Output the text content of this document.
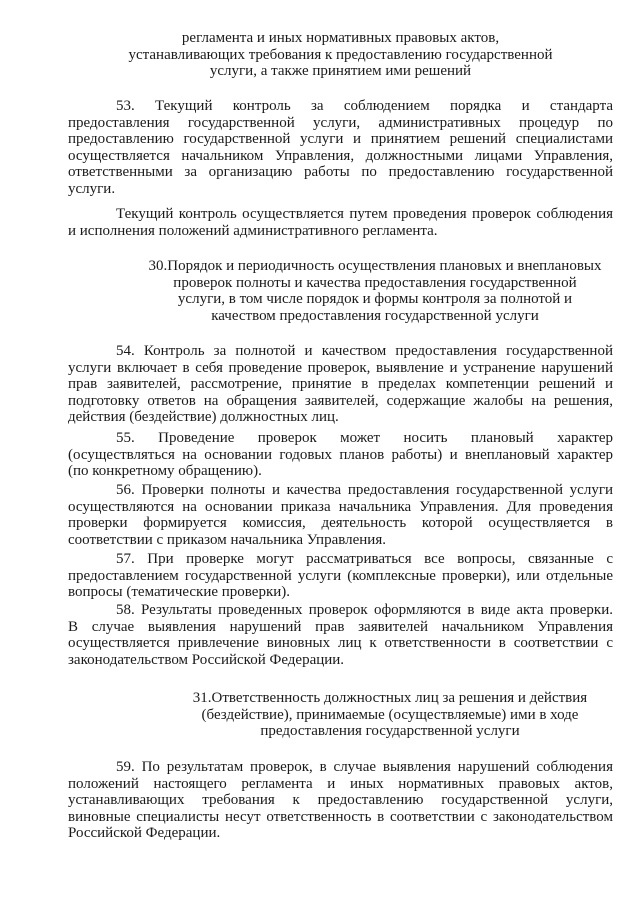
регламента и иных нормативных правовых актов,
устанавливающих требования к предоставлению государственной
услуги, а также принятием ими решений
53. Текущий контроль за соблюдением порядка и стандарта
предоставления государственной услуги, административных процедур по
предоставлению государственной услуги и принятием решений специалистами
осуществляется начальником Управления, должностными лицами Управления,
ответственными за организацию работы по предоставлению государственной
услуги.
Текущий контроль осуществляется путем проведения проверок соблюдения
и исполнения положений административного регламента.
30.Порядок и периодичность осуществления плановых и внеплановых
проверок полноты и качества предоставления государственной
услуги, в том числе порядок и формы контроля за полнотой и
качеством предоставления государственной услуги
54. Контроль за полнотой и качеством предоставления государственной
услуги включает в себя проведение проверок, выявление и устранение нарушений
прав заявителей, рассмотрение, принятие в пределах компетенции решений и
подготовку ответов на обращения заявителей, содержащие жалобы на решения,
действия (бездействие) должностных лиц.
55. Проведение проверок может носить плановый характер
(осуществляться на основании годовых планов работы) и внеплановый характер
(по конкретному обращению).
56. Проверки полноты и качества предоставления государственной услуги
осуществляются на основании приказа начальника Управления. Для проведения
проверки формируется комиссия, деятельность которой осуществляется в
соответствии с приказом начальника Управления.
57. При проверке могут рассматриваться все вопросы, связанные с
предоставлением государственной услуги (комплексные проверки), или отдельные
вопросы (тематические проверки).
58. Результаты проведенных проверок оформляются в виде акта проверки.
В случае выявления нарушений прав заявителей начальником Управления
осуществляется привлечение виновных лиц к ответственности в соответствии с
законодательством Российской Федерации.
31.Ответственность должностных лиц за решения и действия
(бездействие), принимаемые (осуществляемые) ими в ходе
предоставления государственной услуги
59. По результатам проверок, в случае выявления нарушений соблюдения
положений настоящего регламента и иных нормативных правовых актов,
устанавливающих требования к предоставлению государственной услуги,
виновные специалисты несут ответственность в соответствии с законодательством
Российской Федерации.
